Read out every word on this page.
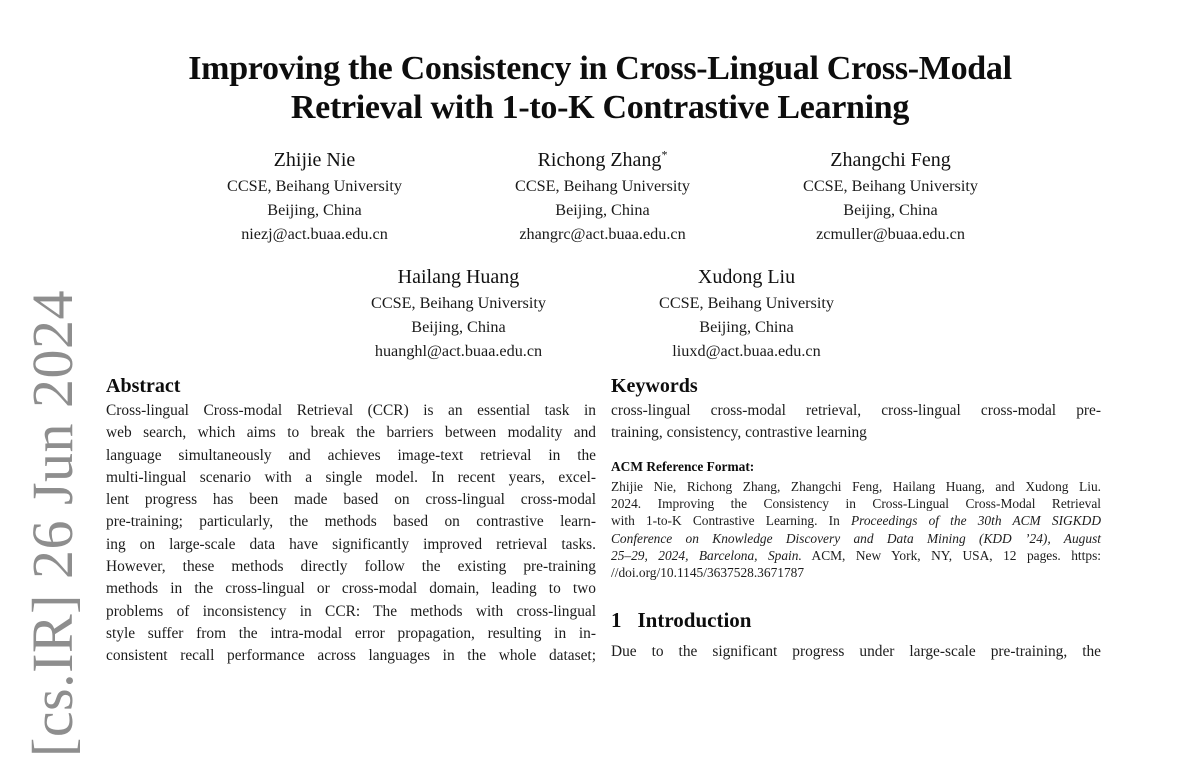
[cs.IR] 26 Jun 2024
Improving the Consistency in Cross-Lingual Cross-Modal
Retrieval with 1-to-K Contrastive Learning
Zhijie Nie
CCSE, Beihang University
Beijing, China
niezj@act.buaa.edu.cn
Richong Zhang*
CCSE, Beihang University
Beijing, China
zhangrc@act.buaa.edu.cn
Zhangchi Feng
CCSE, Beihang University
Beijing, China
zcmuller@buaa.edu.cn
Hailang Huang
CCSE, Beihang University
Beijing, China
huanghl@act.buaa.edu.cn
Xudong Liu
CCSE, Beihang University
Beijing, China
liuxd@act.buaa.edu.cn
Abstract
Cross-lingual Cross-modal Retrieval (CCR) is an essential task in
web search, which aims to break the barriers between modality and
language simultaneously and achieves image-text retrieval in the
multi-lingual scenario with a single model. In recent years, excel-
lent progress has been made based on cross-lingual cross-modal
pre-training; particularly, the methods based on contrastive learn-
ing on large-scale data have significantly improved retrieval tasks.
However, these methods directly follow the existing pre-training
methods in the cross-lingual or cross-modal domain, leading to two
problems of inconsistency in CCR: The methods with cross-lingual
style suffer from the intra-modal error propagation, resulting in in-
consistent recall performance across languages in the whole dataset;
Keywords
cross-lingual cross-modal retrieval, cross-lingual cross-modal pre-
training, consistency, contrastive learning
ACM Reference Format:
Zhijie Nie, Richong Zhang, Zhangchi Feng, Hailang Huang, and Xudong Liu.
2024. Improving the Consistency in Cross-Lingual Cross-Modal Retrieval
with 1-to-K Contrastive Learning. In Proceedings of the 30th ACM SIGKDD
Conference on Knowledge Discovery and Data Mining (KDD ’24), August
25–29, 2024, Barcelona, Spain. ACM, New York, NY, USA, 12 pages. https:
//doi.org/10.1145/3637528.3671787
1 Introduction
Due to the significant progress under large-scale pre-training, the
